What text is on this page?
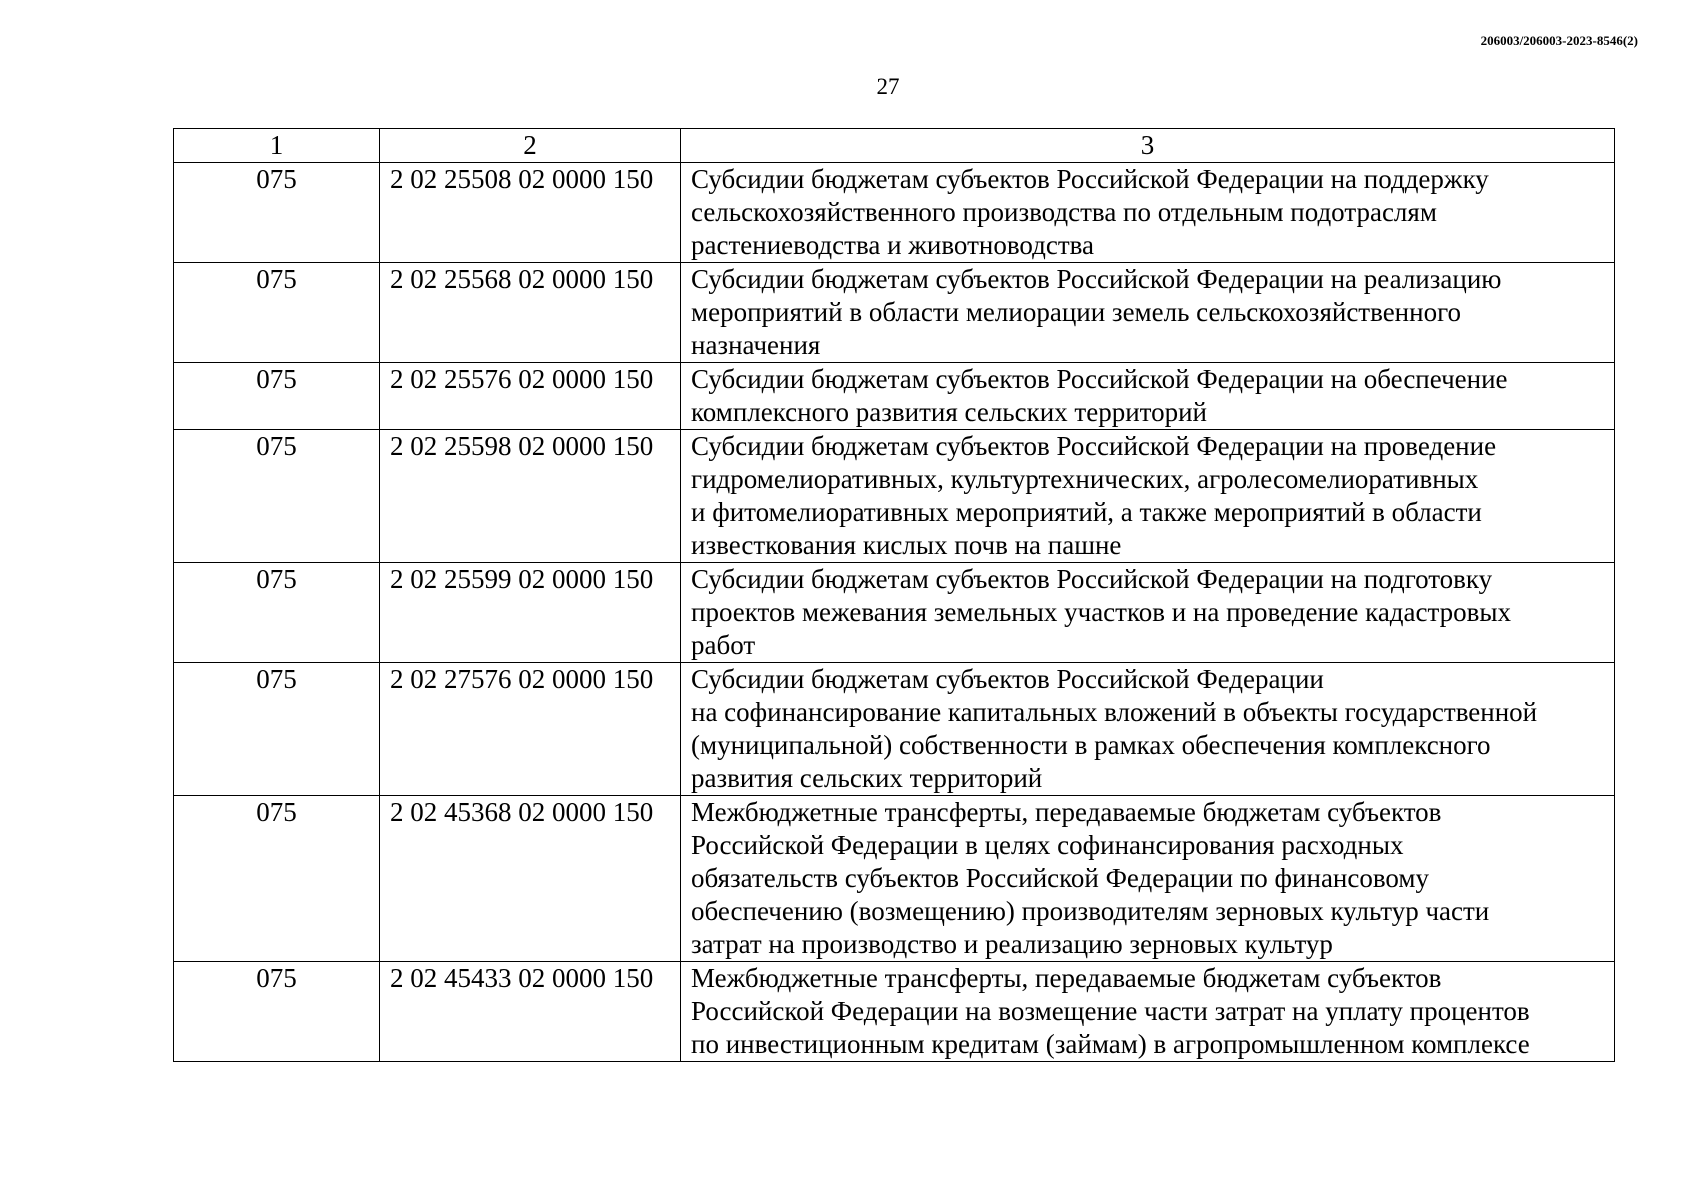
206003/206003-2023-8546(2)
27
1	2	3
075	2 02 25508 02 0000 150	Субсидии бюджетам субъектов Российской Федерации на поддержку
сельскохозяйственного производства по отдельным подотраслям
растениеводства и животноводства

075	2 02 25568 02 0000 150	Субсидии бюджетам субъектов Российской Федерации на реализацию
мероприятий в области мелиорации земель сельскохозяйственного
назначения

075	2 02 25576 02 0000 150	Субсидии бюджетам субъектов Российской Федерации на обеспечение
комплексного развития сельских территорий

075	2 02 25598 02 0000 150	Субсидии бюджетам субъектов Российской Федерации на проведение
гидромелиоративных, культуртехнических, агролесомелиоративных
и фитомелиоративных мероприятий, а также мероприятий в области
известкования кислых почв на пашне

075	2 02 25599 02 0000 150	Субсидии бюджетам субъектов Российской Федерации на подготовку
проектов межевания земельных участков и на проведение кадастровых
работ

075	2 02 27576 02 0000 150	Субсидии бюджетам субъектов Российской Федерации
на софинансирование капитальных вложений в объекты государственной
(муниципальной) собственности в рамках обеспечения комплексного
развития сельских территорий

075	2 02 45368 02 0000 150	Межбюджетные трансферты, передаваемые бюджетам субъектов
Российской Федерации в целях софинансирования расходных
обязательств субъектов Российской Федерации по финансовому
обеспечению (возмещению) производителям зерновых культур части
затрат на производство и реализацию зерновых культур

075	2 02 45433 02 0000 150	Межбюджетные трансферты, передаваемые бюджетам субъектов
Российской Федерации на возмещение части затрат на уплату процентов
по инвестиционным кредитам (займам) в агропромышленном комплексе
